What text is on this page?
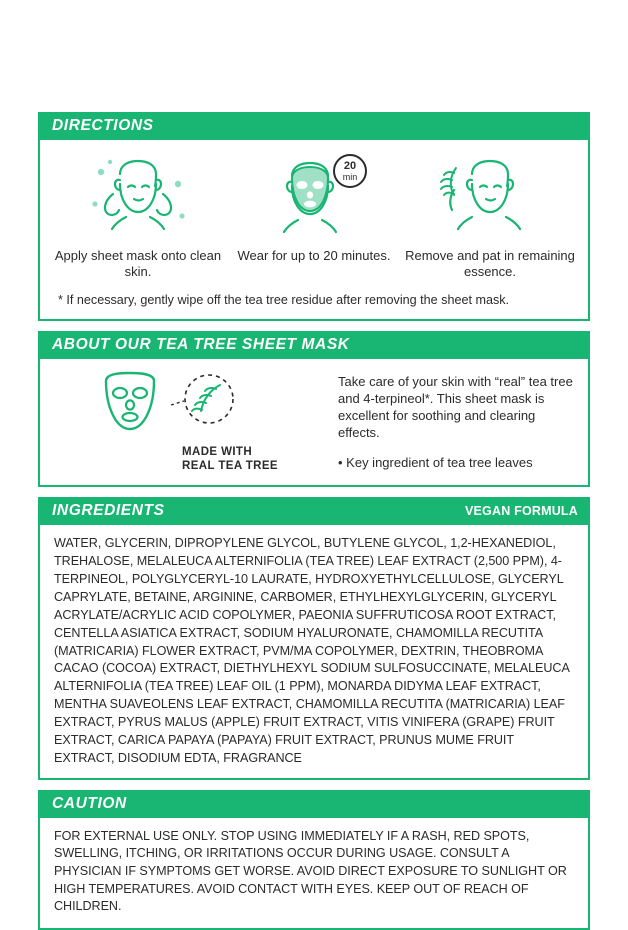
DIRECTIONS
Apply sheet mask onto clean skin.
20
min
Wear for up to 20 minutes.	Remove and pat in remaining essence.
* If necessary, gently wipe off the tea tree residue after removing the sheet mask.
ABOUT OUR TEA TREE SHEET MASK
MADE WITH
REAL TEA TREE
Take care of your skin with “real” tea tree and 4-terpineol*. This sheet mask is excellent for soothing and clearing effects.
• Key ingredient of tea tree leaves
INGREDIENTS	VEGAN FORMULA
WATER, GLYCERIN, DIPROPYLENE GLYCOL, BUTYLENE GLYCOL, 1,2-HEXANEDIOL, TREHALOSE, MELALEUCA ALTERNIFOLIA (TEA TREE) LEAF EXTRACT (2,500 PPM), 4-TERPINEOL, POLYGLYCERYL-10 LAURATE, HYDROXYETHYLCELLULOSE, GLYCERYL CAPRYLATE, BETAINE, ARGININE, CARBOMER, ETHYLHEXYLGLYCERIN, GLYCERYL ACRYLATE/ACRYLIC ACID COPOLYMER, PAEONIA SUFFRUTICOSA ROOT EXTRACT, CENTELLA ASIATICA EXTRACT, SODIUM HYALURONATE, CHAMOMILLA RECUTITA (MATRICARIA) FLOWER EXTRACT, PVM/MA COPOLYMER, DEXTRIN, THEOBROMA CACAO (COCOA) EXTRACT, DIETHYLHEXYL SODIUM SULFOSUCCINATE, MELALEUCA ALTERNIFOLIA (TEA TREE) LEAF OIL (1 PPM), MONARDA DIDYMA LEAF EXTRACT, MENTHA SUAVEOLENS LEAF EXTRACT, CHAMOMILLA RECUTITA (MATRICARIA) LEAF EXTRACT, PYRUS MALUS (APPLE) FRUIT EXTRACT, VITIS VINIFERA (GRAPE) FRUIT EXTRACT, CARICA PAPAYA (PAPAYA) FRUIT EXTRACT, PRUNUS MUME FRUIT EXTRACT, DISODIUM EDTA, FRAGRANCE
CAUTION
FOR EXTERNAL USE ONLY. STOP USING IMMEDIATELY IF A RASH, RED SPOTS, SWELLING, ITCHING, OR IRRITATIONS OCCUR DURING USAGE. CONSULT A PHYSICIAN IF SYMPTOMS GET WORSE. AVOID DIRECT EXPOSURE TO SUNLIGHT OR HIGH TEMPERATURES. AVOID CONTACT WITH EYES. KEEP OUT OF REACH OF CHILDREN.
